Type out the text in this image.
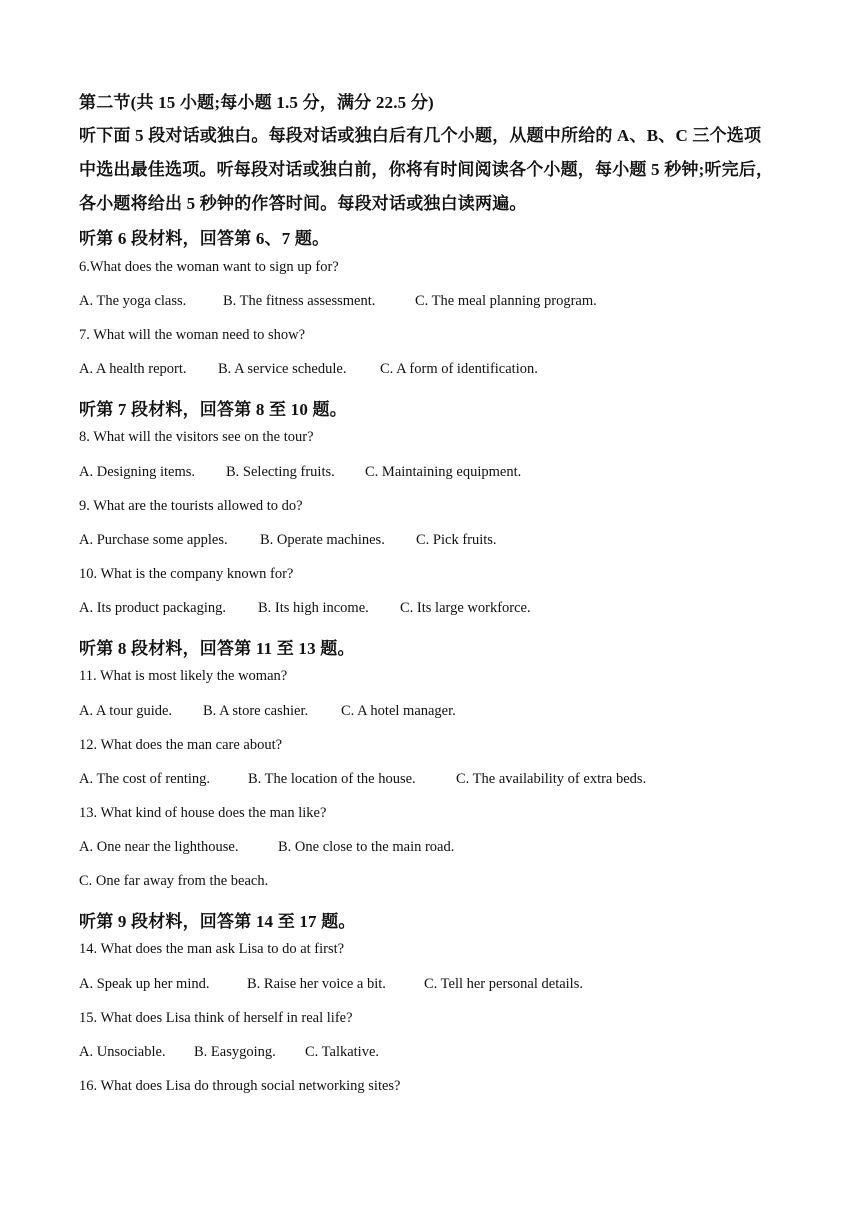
第二节(共 15 小题;每小题 1.5 分，满分 22.5 分)
听下面 5 段对话或独白。每段对话或独白后有几个小题，从题中所给的 A、B、C 三个选项
中选出最佳选项。听每段对话或独白前，你将有时间阅读各个小题，每小题 5 秒钟;听完后，
各小题将给出 5 秒钟的作答时间。每段对话或独白读两遍。
听第 6 段材料，回答第 6、7 题。
6.What does the woman want to sign up for?
A. The yoga class.	B. The fitness assessment.	C. The meal planning program.
7. What will the woman need to show?
A. A health report. B. A service schedule. C. A form of identification.
听第 7 段材料，回答第 8 至 10 题。
8. What will the visitors see on the tour?
A. Designing items. B. Selecting fruits. C. Maintaining equipment.
9. What are the tourists allowed to do?
A. Purchase some apples. B. Operate machines. C. Pick fruits.
10. What is the company known for?
A. Its product packaging. B. Its high income. C. Its large workforce.
听第 8 段材料，回答第 11 至 13 题。
11. What is most likely the woman?
A. A tour guide. B. A store cashier. C. A hotel manager.
12. What does the man care about?
A. The cost of renting.	B. The location of the house.	C. The availability of extra beds.
13. What kind of house does the man like?
A. One near the lighthouse.	B. One close to the main road.
C. One far away from the beach.
听第 9 段材料，回答第 14 至 17 题。
14. What does the man ask Lisa to do at first?
A. Speak up her mind.	B. Raise her voice a bit.	C. Tell her personal details.
15. What does Lisa think of herself in real life?
A. Unsociable. B. Easygoing. C. Talkative.
16. What does Lisa do through social networking sites?
